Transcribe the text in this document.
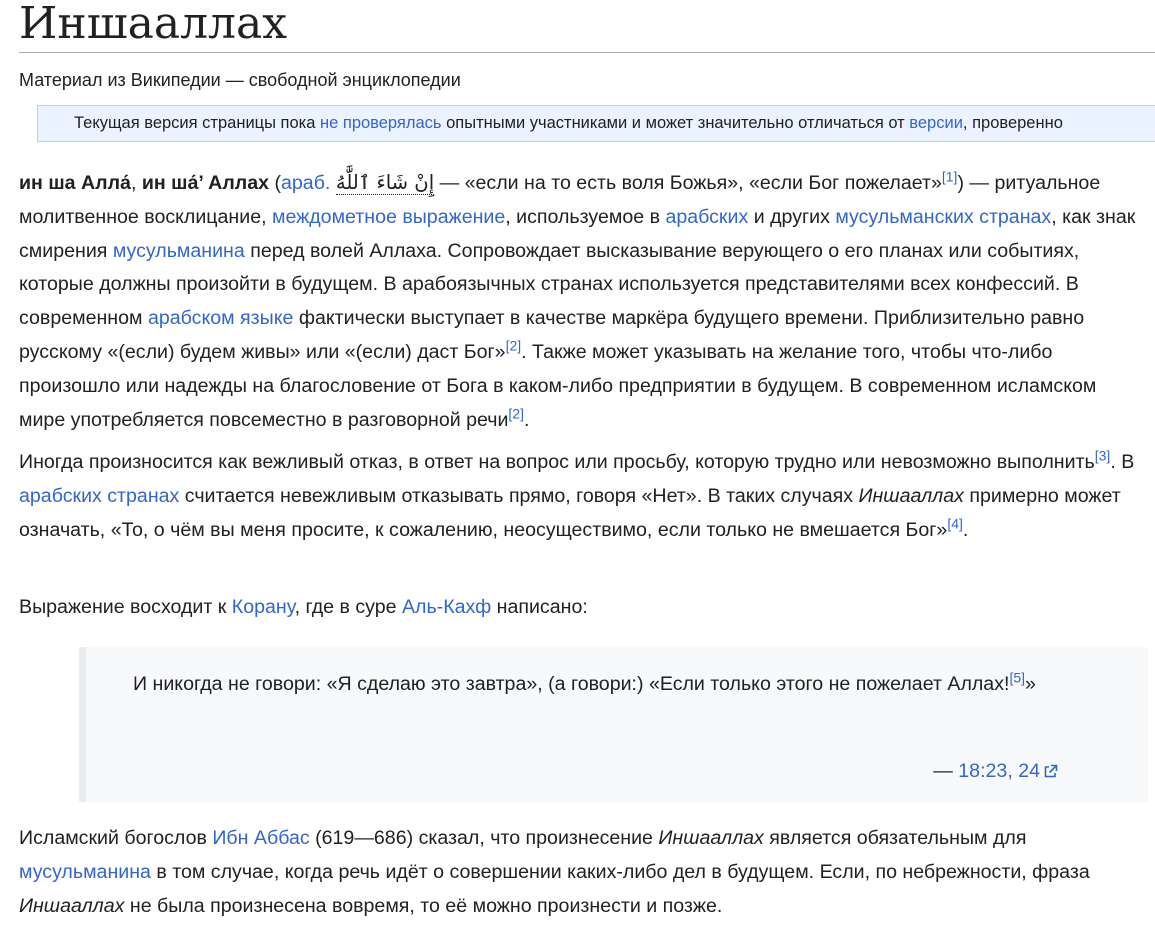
Иншааллах
Материал из Википедии — свободной энциклопедии
Текущая версия страницы пока не проверялась опытными участниками и может значительно отличаться от версии, проверенно

ин ша Алла́, ин ша́’ Аллах (араб. إِنْ شَاءَ ٱللَّٰهُ — «если на то есть воля Божья», «если Бог пожелает»[1]) — ритуальное молитвенное восклицание, междометное выражение, используемое в арабских и других мусульманских странах, как знак смирения мусульманина перед волей Аллаха. Сопровождает высказывание верующего о его планах или событиях, которые должны произойти в будущем. В арабоязычных странах используется представителями всех конфессий. В современном арабском языке фактически выступает в качестве маркёра будущего времени. Приблизительно равно русскому «(если) будем живы» или «(если) даст Бог»[2]. Также может указывать на желание того, чтобы что-либо произошло или надежды на благословение от Бога в каком-либо предприятии в будущем. В современном исламском мире употребляется повсеместно в разговорной речи[2].

Иногда произносится как вежливый отказ, в ответ на вопрос или просьбу, которую трудно или невозможно выполнить[3]. В арабских странах считается невежливым отказывать прямо, говоря «Нет». В таких случаях Иншааллах примерно может означать, «То, о чём вы меня просите, к сожалению, неосуществимо, если только не вмешается Бог»[4].

Выражение восходит к Корану, где в суре Аль-Кахф написано:

И никогда не говори: «Я сделаю это завтра», (а говори:) «Если только этого не пожелает Аллах![5]»

— 18:23, 24

Исламский богослов Ибн Аббас (619—686) сказал, что произнесение Иншааллах является обязательным для мусульманина в том случае, когда речь идёт о совершении каких-либо дел в будущем. Если, по небрежности, фраза Иншааллах не была произнесена вовремя, то её можно произнести и позже.
